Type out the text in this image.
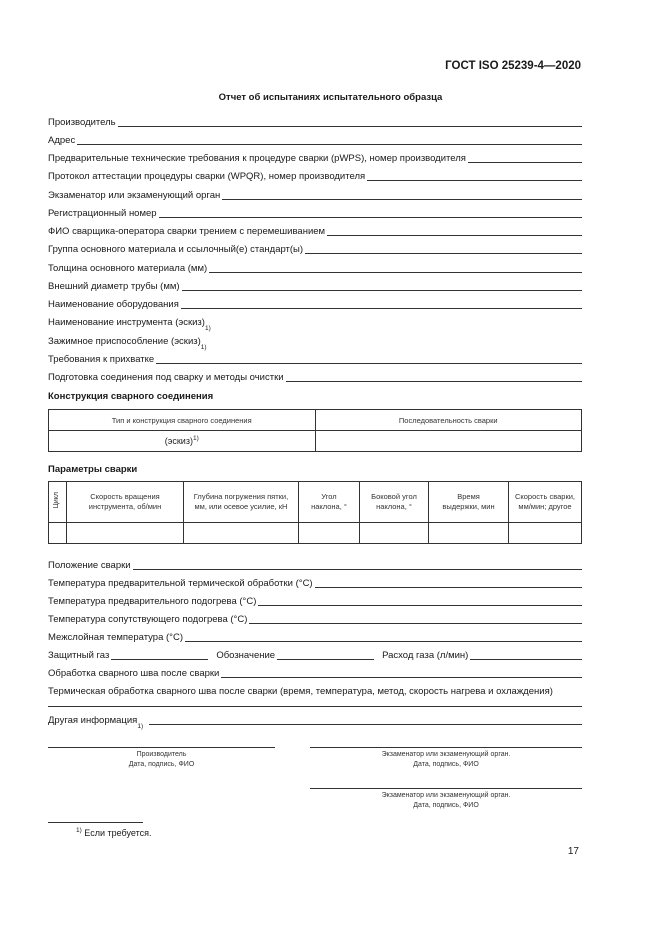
ГОСТ ISO 25239-4—2020
Отчет об испытаниях испытательного образца
Производитель
Адрес
Предварительные технические требования к процедуре сварки (pWPS), номер производителя
Протокол аттестации процедуры сварки (WPQR), номер производителя
Экзаменатор или экзаменующий орган
Регистрационный номер
ФИО сварщика-оператора сварки трением с перемешиванием
Группа основного материала и ссылочный(е) стандарт(ы)
Толщина основного материала (мм)
Внешний диаметр трубы (мм)
Наименование оборудования
Наименование инструмента (эскиз)
1)
Зажимное приспособление (эскиз)
1)
Требования к прихватке
Подготовка соединения под сварку и методы очистки
Конструкция сварного соединения
Тип и конструкция сварного соединения	Последовательность сварки
(эскиз)$^{1)}$	
Параметры сварки
Цикл	Скорость вращения инструмента, об/мин	Глубина погружения пятки, мм, или осевое усилие, кН	Угол наклона, °	Боковой угол наклона, °	Время выдержки, мин	Скорость сварки, мм/мин; другое

Положение сварки
Температура предварительной термической обработки (°C)
Температура предварительного подогрева (°C)
Температура сопутствующего подогрева (°C)
Межслойная температура (°C)
Защитный газ	Обозначение	Расход газа (л/мин)
Обработка сварного шва после сварки
Термическая обработка сварного шва после сварки (время, температура, метод, скорость нагрева и охлаждения)
Другая информация
1)
Производитель
Дата, подпись, ФИО
Экзаменатор или экзаменующий орган.
Дата, подпись, ФИО
Экзаменатор или экзаменующий орган.
Дата, подпись, ФИО
$^{1)}$ Если требуется.
17
